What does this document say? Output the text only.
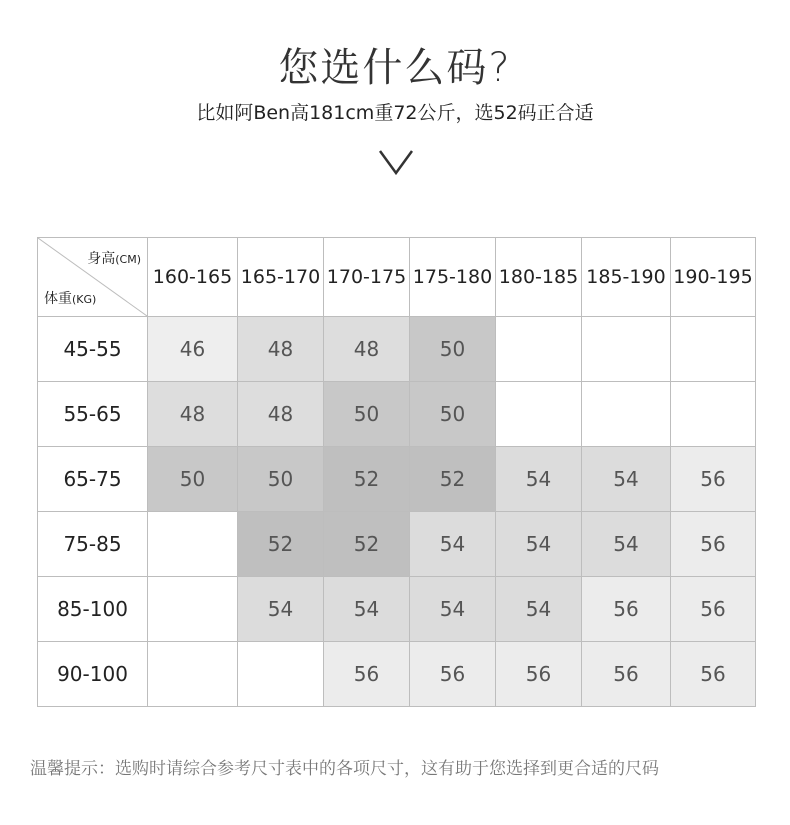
您选什么码?
比如阿Ben高181cm重72公斤，选52码正合适
身高(CM)
体重(KG)	160-165	165-170	170-175	175-180	180-185	185-190	190-195
45-55	46	48	48	50			
55-65	48	48	50	50			
65-75	50	50	52	52	54	54	56
75-85		52	52	54	54	54	56
85-100		54	54	54	54	56	56
90-100			56	56	56	56	56
温馨提示：选购时请综合参考尺寸表中的各项尺寸，这有助于您选择到更合适的尺码
